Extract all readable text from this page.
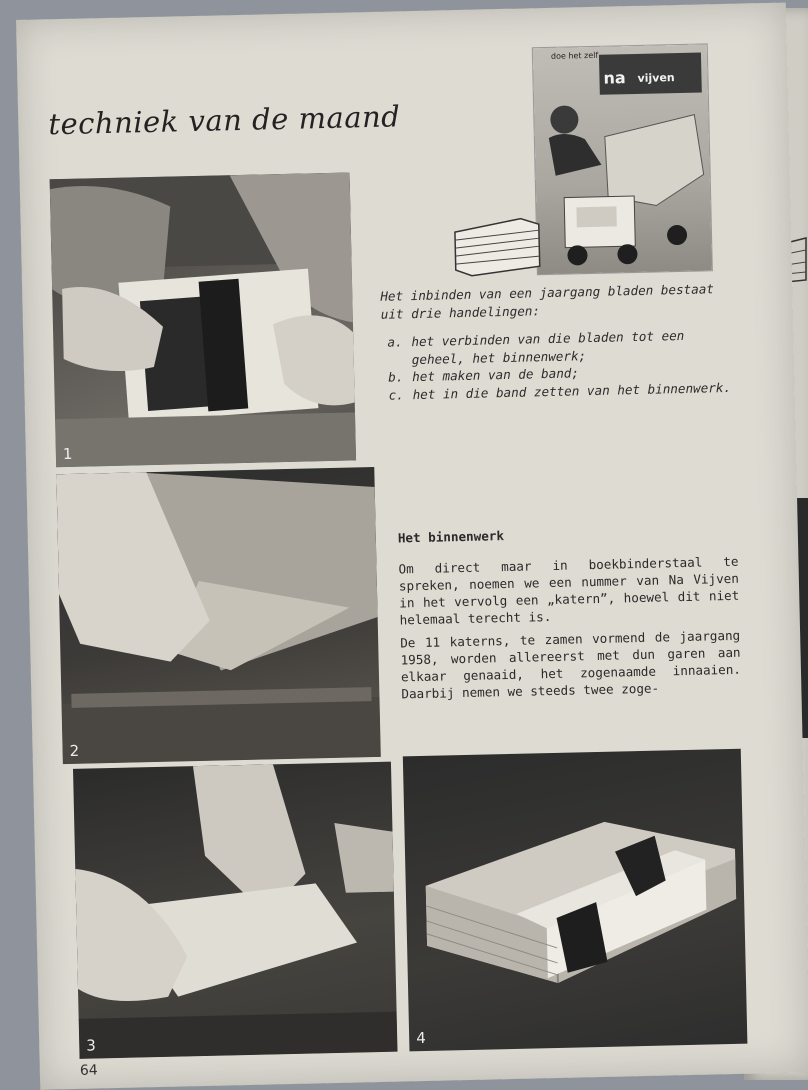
techniek van de maand
1
2
3	4
doe het zelf
na vijven

Het inbinden van een jaargang bladen bestaat uit drie handelingen:

a. het verbinden van die bladen tot een geheel, het binnenwerk;
b. het maken van de band;
c. het in die band zetten van het binnenwerk.
Het binnenwerk

Om direct maar in boekbinderstaal te spreken, noemen we een nummer van Na Vijven in het vervolg een „katern”, hoewel dit niet helemaal terecht is.

De 11 katerns, te zamen vormend de jaargang 1958, worden allereerst met dun garen aan elkaar genaaid, het zogenaamde innaaien. Daarbij nemen we steeds twee zoge-

64
